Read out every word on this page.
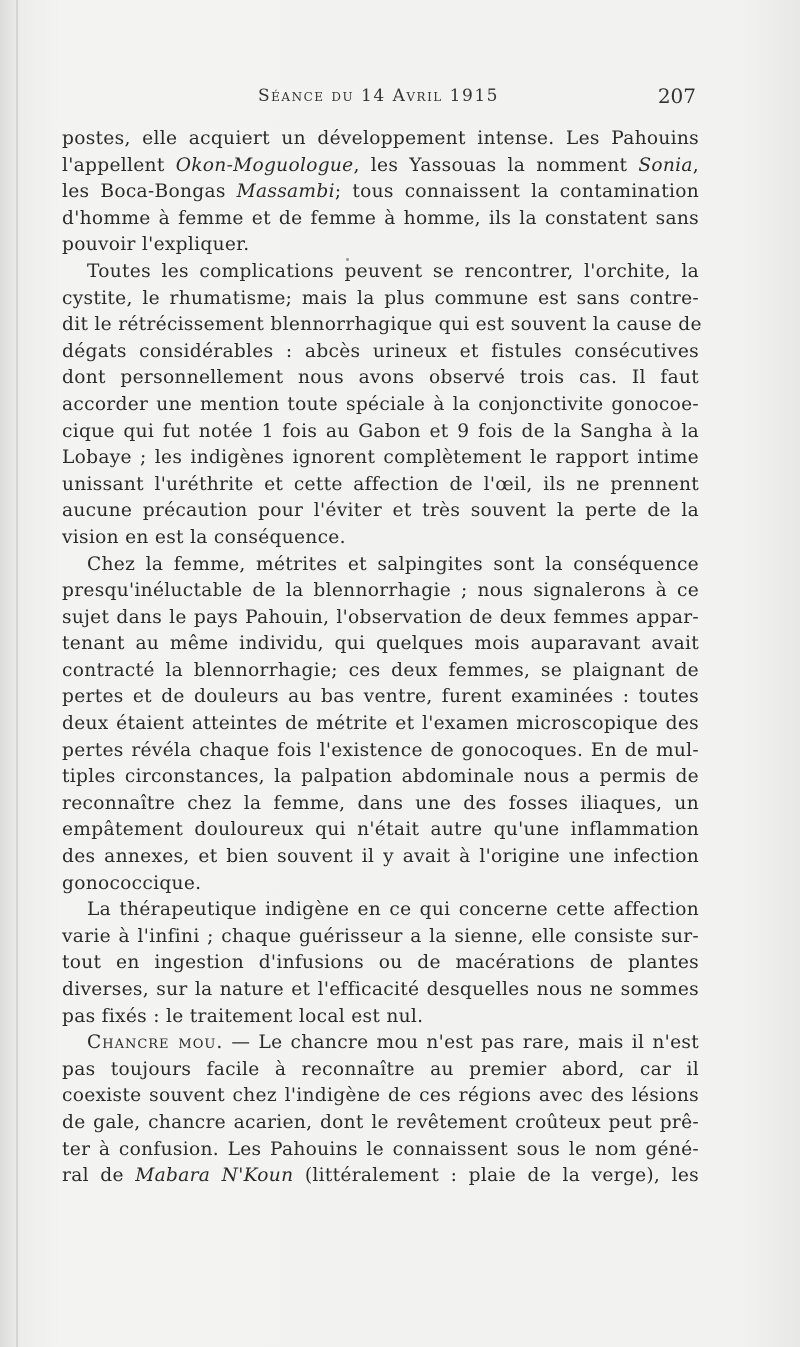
Séance du 14 Avril 1915	207
postes, elle acquiert un développement intense. Les Pahouins
l'appellent Okon-Moguologue, les Yassouas la nomment Sonia,
les Boca-Bongas Massambi; tous connaissent la contamination
d'homme à femme et de femme à homme, ils la constatent sans
pouvoir l'expliquer.
Toutes les complications peuvent se rencontrer, l'orchite, la
cystite, le rhumatisme; mais la plus commune est sans contre-
dit le rétrécissement blennorrhagique qui est souvent la cause de
dégats considérables : abcès urineux et fistules consécutives
dont personnellement nous avons observé trois cas. Il faut
accorder une mention toute spéciale à la conjonctivite gonocoe-
cique qui fut notée 1 fois au Gabon et 9 fois de la Sangha à la
Lobaye ; les indigènes ignorent complètement le rapport intime
unissant l'uréthrite et cette affection de l'œil, ils ne prennent
aucune précaution pour l'éviter et très souvent la perte de la
vision en est la conséquence.
Chez la femme, métrites et salpingites sont la conséquence
presqu'inéluctable de la blennorrhagie ; nous signalerons à ce
sujet dans le pays Pahouin, l'observation de deux femmes appar-
tenant au même individu, qui quelques mois auparavant avait
contracté la blennorrhagie; ces deux femmes, se plaignant de
pertes et de douleurs au bas ventre, furent examinées : toutes
deux étaient atteintes de métrite et l'examen microscopique des
pertes révéla chaque fois l'existence de gonocoques. En de mul-
tiples circonstances, la palpation abdominale nous a permis de
reconnaître chez la femme, dans une des fosses iliaques, un
empâtement douloureux qui n'était autre qu'une inflammation
des annexes, et bien souvent il y avait à l'origine une infection
gonococcique.
La thérapeutique indigène en ce qui concerne cette affection
varie à l'infini ; chaque guérisseur a la sienne, elle consiste sur-
tout en ingestion d'infusions ou de macérations de plantes
diverses, sur la nature et l'efficacité desquelles nous ne sommes
pas fixés : le traitement local est nul.
Chancre mou. — Le chancre mou n'est pas rare, mais il n'est
pas toujours facile à reconnaître au premier abord, car il
coexiste souvent chez l'indigène de ces régions avec des lésions
de gale, chancre acarien, dont le revêtement croûteux peut prê-
ter à confusion. Les Pahouins le connaissent sous le nom géné-
ral de Mabara N'Koun (littéralement : plaie de la verge), les
